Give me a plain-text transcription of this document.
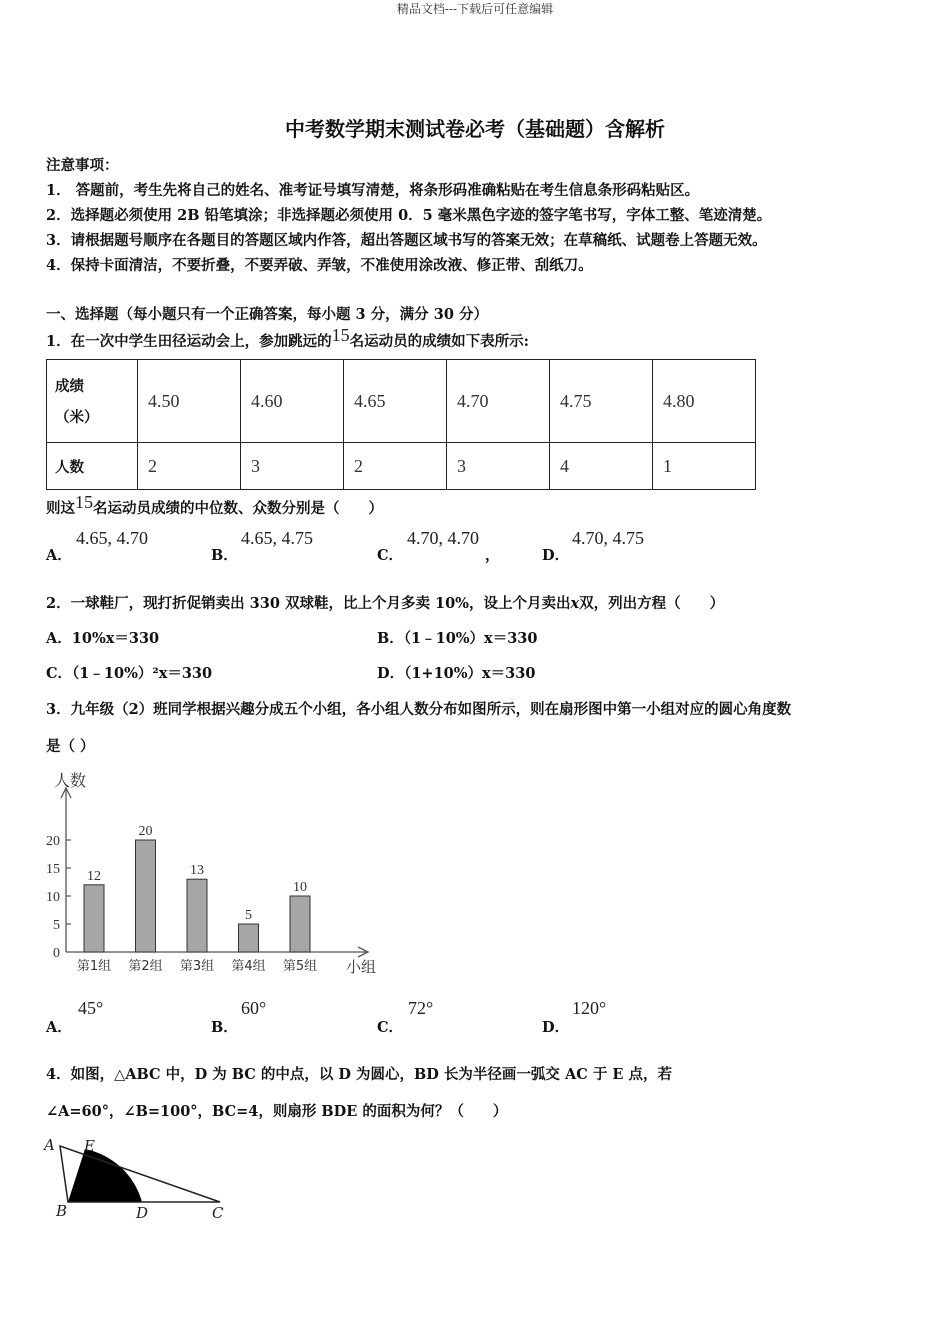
精品文档---下载后可任意编辑
中考数学期末测试卷必考（基础题）含解析
注意事项：
1． 答题前，考生先将自己的姓名、准考证号填写清楚，将条形码准确粘贴在考生信息条形码粘贴区。
2．选择题必须使用 2B 铅笔填涂；非选择题必须使用 0．5 毫米黑色字迹的签字笔书写，字体工整、笔迹清楚。
3．请根据题号顺序在各题目的答题区域内作答，超出答题区域书写的答案无效；在草稿纸、试题卷上答题无效。
4．保持卡面清洁，不要折叠，不要弄破、弄皱，不准使用涂改液、修正带、刮纸刀。
一、选择题（每小题只有一个正确答案，每小题 3 分，满分 30 分）
1．在一次中学生田径运动会上，参加跳远的15名运动员的成绩如下表所示:
成绩
（米）	4.50	4.60	4.65	4.70	4.75	4.80
人数	2	3	2	3	4	1
则这15名运动员成绩的中位数、众数分别是（　　）
A．
4.65, 4.70
B．
4.65, 4.75
C．
4.70, 4.70
，	D．
4.70, 4.75
2．一球鞋厂，现打折促销卖出 330 双球鞋，比上个月多卖 10%，设上个月卖出x双，列出方程（　　）
A．10%x＝330	B．（1﹣10%）x＝330
C．（1﹣10%）²x＝330	D．（1+10%）x＝330
3．九年级（2）班同学根据兴趣分成五个小组，各小组人数分布如图所示，则在扇形图中第一小组对应的圆心角度数
是（ ）
人数
小组
0
5
10
15
20
12
第1组
20
第2组
13
第3组
5
第4组
10
第5组
A．
45°
B．
60°
C．
72°
D．
120°
4．如图，△ABC 中，D 为 BC 的中点，以 D 为圆心，BD 长为半径画一弧交 AC 于 E 点，若
∠A=60°，∠B=100°，BC=4，则扇形 BDE 的面积为何？（　　）
A E
B	D	C
